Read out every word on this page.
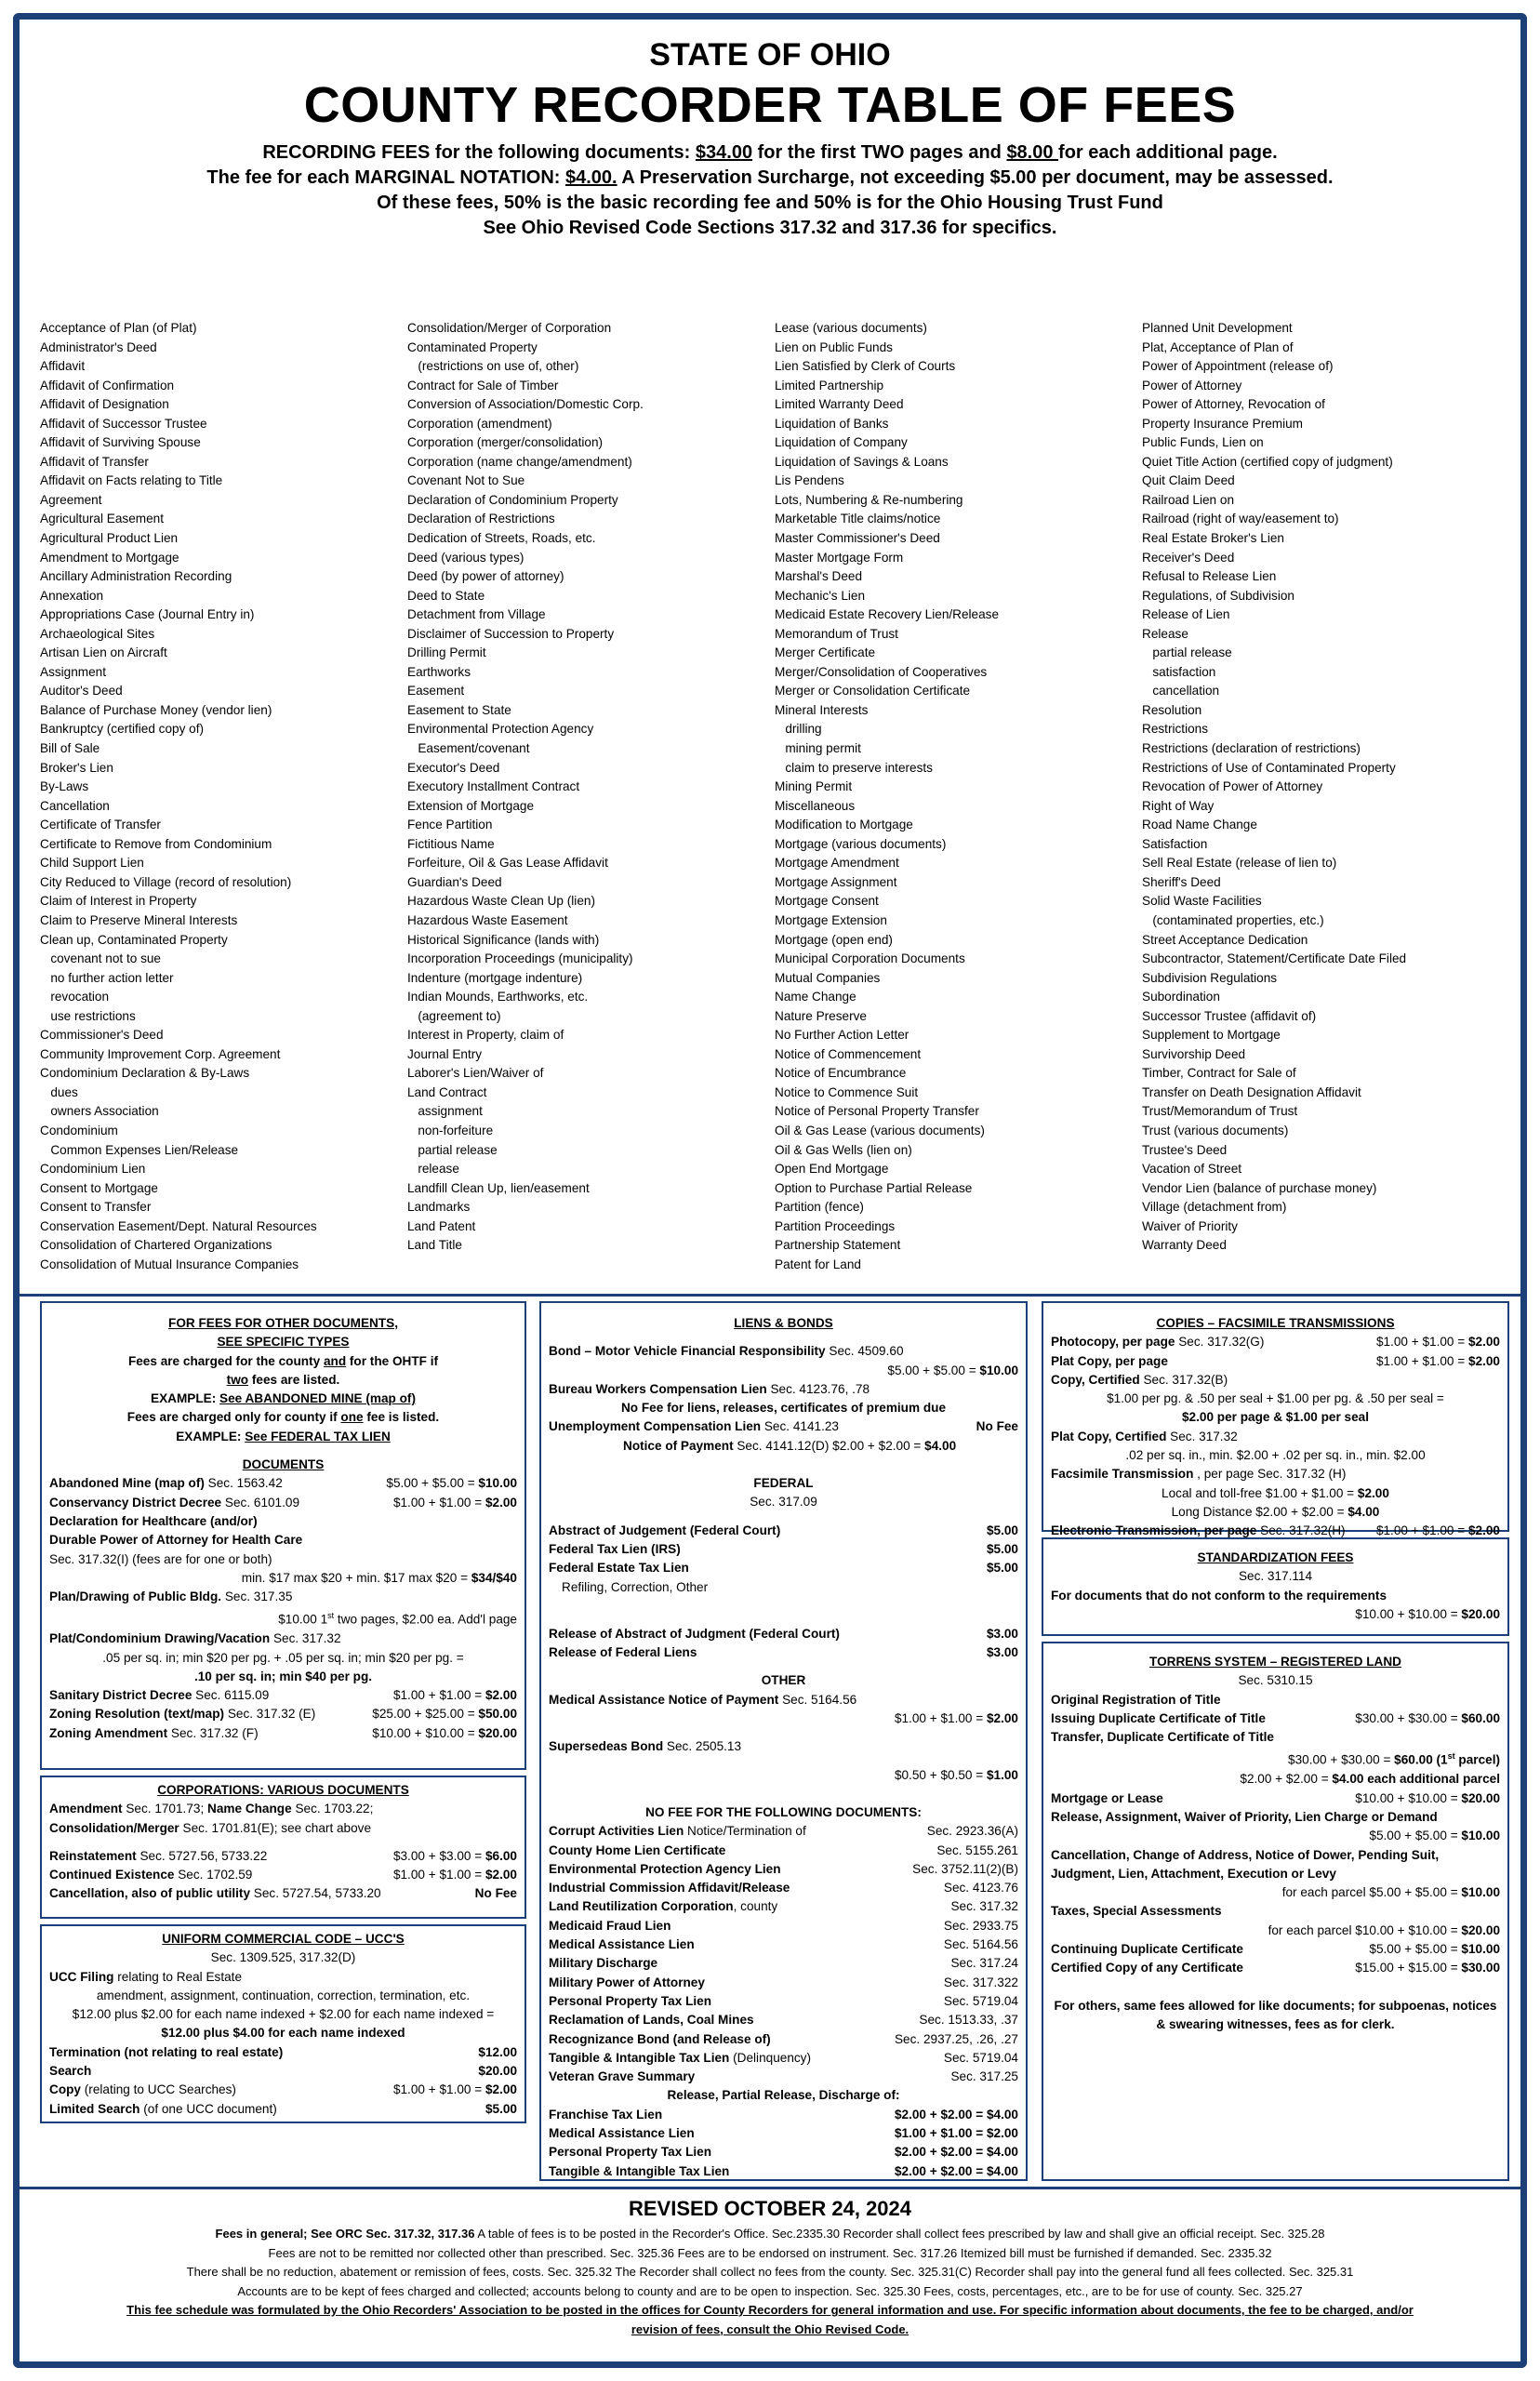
STATE OF OHIO
COUNTY RECORDER TABLE OF FEES
RECORDING FEES for the following documents: $34.00 for the first TWO pages and $8.00 for each additional page.
The fee for each MARGINAL NOTATION: $4.00. A Preservation Surcharge, not exceeding $5.00 per document, may be assessed.
Of these fees, 50% is the basic recording fee and 50% is for the Ohio Housing Trust Fund
See Ohio Revised Code Sections 317.32 and 317.36 for specifics.
Acceptance of Plan (of Plat)
Administrator's Deed
Affidavit
Affidavit of Confirmation
Affidavit of Designation
Affidavit of Successor Trustee
Affidavit of Surviving Spouse
Affidavit of Transfer
Affidavit on Facts relating to Title
Agreement
Agricultural Easement
Agricultural Product Lien
Amendment to Mortgage
Ancillary Administration Recording
Annexation
Appropriations Case (Journal Entry in)
Archaeological Sites
Artisan Lien on Aircraft
Assignment
Auditor's Deed
Balance of Purchase Money (vendor lien)
Bankruptcy (certified copy of)
Bill of Sale
Broker's Lien
By-Laws
Cancellation
Certificate of Transfer
Certificate to Remove from Condominium
Child Support Lien
City Reduced to Village (record of resolution)
Claim of Interest in Property
Claim to Preserve Mineral Interests
Clean up, Contaminated Property
covenant not to sue
no further action letter
revocation
use restrictions
Commissioner's Deed
Community Improvement Corp. Agreement
Condominium Declaration & By-Laws
dues
owners Association
Condominium
Common Expenses Lien/Release
Condominium Lien
Consent to Mortgage
Consent to Transfer
Conservation Easement/Dept. Natural Resources
Consolidation of Chartered Organizations
Consolidation of Mutual Insurance Companies
Consolidation/Merger of Corporation
Contaminated Property
(restrictions on use of, other)
Contract for Sale of Timber
Conversion of Association/Domestic Corp.
Corporation (amendment)
Corporation (merger/consolidation)
Corporation (name change/amendment)
Covenant Not to Sue
Declaration of Condominium Property
Declaration of Restrictions
Dedication of Streets, Roads, etc.
Deed (various types)
Deed (by power of attorney)
Deed to State
Detachment from Village
Disclaimer of Succession to Property
Drilling Permit
Earthworks
Easement
Easement to State
Environmental Protection Agency
Easement/covenant
Executor's Deed
Executory Installment Contract
Extension of Mortgage
Fence Partition
Fictitious Name
Forfeiture, Oil & Gas Lease Affidavit
Guardian's Deed
Hazardous Waste Clean Up (lien)
Hazardous Waste Easement
Historical Significance (lands with)
Incorporation Proceedings (municipality)
Indenture (mortgage indenture)
Indian Mounds, Earthworks, etc.
(agreement to)
Interest in Property, claim of
Journal Entry
Laborer's Lien/Waiver of
Land Contract
assignment
non-forfeiture
partial release
release
Landfill Clean Up, lien/easement
Landmarks
Land Patent
Land Title
Lease (various documents)
Lien on Public Funds
Lien Satisfied by Clerk of Courts
Limited Partnership
Limited Warranty Deed
Liquidation of Banks
Liquidation of Company
Liquidation of Savings & Loans
Lis Pendens
Lots, Numbering & Re-numbering
Marketable Title claims/notice
Master Commissioner's Deed
Master Mortgage Form
Marshal's Deed
Mechanic's Lien
Medicaid Estate Recovery Lien/Release
Memorandum of Trust
Merger Certificate
Merger/Consolidation of Cooperatives
Merger or Consolidation Certificate
Mineral Interests
drilling
mining permit
claim to preserve interests
Mining Permit
Miscellaneous
Modification to Mortgage
Mortgage (various documents)
Mortgage Amendment
Mortgage Assignment
Mortgage Consent
Mortgage Extension
Mortgage (open end)
Municipal Corporation Documents
Mutual Companies
Name Change
Nature Preserve
No Further Action Letter
Notice of Commencement
Notice of Encumbrance
Notice to Commence Suit
Notice of Personal Property Transfer
Oil & Gas Lease (various documents)
Oil & Gas Wells (lien on)
Open End Mortgage
Option to Purchase Partial Release
Partition (fence)
Partition Proceedings
Partnership Statement
Patent for Land
Planned Unit Development
Plat, Acceptance of Plan of
Power of Appointment (release of)
Power of Attorney
Power of Attorney, Revocation of
Property Insurance Premium
Public Funds, Lien on
Quiet Title Action (certified copy of judgment)
Quit Claim Deed
Railroad Lien on
Railroad (right of way/easement to)
Real Estate Broker's Lien
Receiver's Deed
Refusal to Release Lien
Regulations, of Subdivision
Release of Lien
Release
partial release
satisfaction
cancellation
Resolution
Restrictions
Restrictions (declaration of restrictions)
Restrictions of Use of Contaminated Property
Revocation of Power of Attorney
Right of Way
Road Name Change
Satisfaction
Sell Real Estate (release of lien to)
Sheriff's Deed
Solid Waste Facilities
(contaminated properties, etc.)
Street Acceptance Dedication
Subcontractor, Statement/Certificate Date Filed
Subdivision Regulations
Subordination
Successor Trustee (affidavit of)
Supplement to Mortgage
Survivorship Deed
Timber, Contract for Sale of
Transfer on Death Designation Affidavit
Trust/Memorandum of Trust
Trust (various documents)
Trustee's Deed
Vacation of Street
Vendor Lien (balance of purchase money)
Village (detachment from)
Waiver of Priority
Warranty Deed
FOR FEES FOR OTHER DOCUMENTS,
SEE SPECIFIC TYPES
Fees are charged for the county and for the OHTF if
two fees are listed.
EXAMPLE: See ABANDONED MINE (map of)
Fees are charged only for county if one fee is listed.
EXAMPLE: See FEDERAL TAX LIEN
DOCUMENTS
Abandoned Mine (map of) Sec. 1563.42	$5.00 + $5.00 = $10.00
Conservancy District Decree Sec. 6101.09	$1.00 + $1.00 = $2.00
Declaration for Healthcare (and/or)
Durable Power of Attorney for Health Care
Sec. 317.32(I) (fees are for one or both)
min. $17 max $20 + min. $17 max $20 = $34/$40
Plan/Drawing of Public Bldg. Sec. 317.35
$10.00 1st two pages, $2.00 ea. Add'l page
Plat/Condominium Drawing/Vacation Sec. 317.32
.05 per sq. in; min $20 per pg. + .05 per sq. in; min $20 per pg. =
.10 per sq. in; min $40 per pg.
Sanitary District Decree Sec. 6115.09	$1.00 + $1.00 = $2.00
Zoning Resolution (text/map) Sec. 317.32 (E)	$25.00 + $25.00 = $50.00
Zoning Amendment Sec. 317.32 (F)	$10.00 + $10.00 = $20.00
CORPORATIONS: VARIOUS DOCUMENTS
Amendment Sec. 1701.73; Name Change Sec. 1703.22;
Consolidation/Merger Sec. 1701.81(E); see chart above
Reinstatement Sec. 5727.56, 5733.22	$3.00 + $3.00 = $6.00
Continued Existence Sec. 1702.59	$1.00 + $1.00 = $2.00
Cancellation, also of public utility Sec. 5727.54, 5733.20	No Fee
UNIFORM COMMERCIAL CODE – UCC'S
Sec. 1309.525, 317.32(D)
UCC Filing relating to Real Estate
amendment, assignment, continuation, correction, termination, etc.
$12.00 plus $2.00 for each name indexed + $2.00 for each name indexed =
$12.00 plus $4.00 for each name indexed
Termination (not relating to real estate)	$12.00
Search	$20.00
Copy (relating to UCC Searches)	$1.00 + $1.00 = $2.00
Limited Search (of one UCC document)	$5.00
LIENS & BONDS
Bond – Motor Vehicle Financial Responsibility Sec. 4509.60
$5.00 + $5.00 = $10.00
Bureau Workers Compensation Lien Sec. 4123.76, .78
No Fee for liens, releases, certificates of premium due
Unemployment Compensation Lien Sec. 4141.23	No Fee
Notice of Payment Sec. 4141.12(D) $2.00 + $2.00 = $4.00
FEDERAL
Sec. 317.09
Abstract of Judgement (Federal Court)	$5.00
Federal Tax Lien (IRS)	$5.00
Federal Estate Tax Lien	$5.00
Refiling, Correction, Other
Release of Abstract of Judgment (Federal Court)	$3.00
Release of Federal Liens	$3.00
OTHER
Medical Assistance Notice of Payment Sec. 5164.56
$1.00 + $1.00 = $2.00
Supersedeas Bond Sec. 2505.13
$0.50 + $0.50 = $1.00
NO FEE FOR THE FOLLOWING DOCUMENTS:
Corrupt Activities Lien Notice/Termination of	Sec. 2923.36(A)
County Home Lien Certificate	Sec. 5155.261
Environmental Protection Agency Lien	Sec. 3752.11(2)(B)
Industrial Commission Affidavit/Release	Sec. 4123.76
Land Reutilization Corporation, county	Sec. 317.32
Medicaid Fraud Lien	Sec. 2933.75
Medical Assistance Lien	Sec. 5164.56
Military Discharge	Sec. 317.24
Military Power of Attorney	Sec. 317.322
Personal Property Tax Lien	Sec. 5719.04
Reclamation of Lands, Coal Mines	Sec. 1513.33, .37
Recognizance Bond (and Release of)	Sec. 2937.25, .26, .27
Tangible & Intangible Tax Lien (Delinquency)	Sec. 5719.04
Veteran Grave Summary	Sec. 317.25
Release, Partial Release, Discharge of:
Franchise Tax Lien	$2.00 + $2.00 = $4.00
Medical Assistance Lien	$1.00 + $1.00 = $2.00
Personal Property Tax Lien	$2.00 + $2.00 = $4.00
Tangible & Intangible Tax Lien	$2.00 + $2.00 = $4.00
COPIES – FACSIMILE TRANSMISSIONS
Photocopy, per page Sec. 317.32(G)	$1.00 + $1.00 = $2.00
Plat Copy, per page	$1.00 + $1.00 = $2.00
Copy, Certified Sec. 317.32(B)
$1.00 per pg. & .50 per seal + $1.00 per pg. & .50 per seal =
$2.00 per page & $1.00 per seal
Plat Copy, Certified Sec. 317.32
.02 per sq. in., min. $2.00 + .02 per sq. in., min. $2.00
Facsimile Transmission , per page Sec. 317.32 (H)
Local and toll-free $1.00 + $1.00 = $2.00
Long Distance $2.00 + $2.00 = $4.00
Electronic Transmission, per page Sec. 317.32(H)	$1.00 + $1.00 = $2.00
STANDARDIZATION FEES
Sec. 317.114
For documents that do not conform to the requirements
$10.00 + $10.00 = $20.00
TORRENS SYSTEM – REGISTERED LAND
Sec. 5310.15
Original Registration of Title
Issuing Duplicate Certificate of Title	$30.00 + $30.00 = $60.00
Transfer, Duplicate Certificate of Title
$30.00 + $30.00 = $60.00 (1st parcel)
$2.00 + $2.00 = $4.00 each additional parcel
Mortgage or Lease	$10.00 + $10.00 = $20.00
Release, Assignment, Waiver of Priority, Lien Charge or Demand
$5.00 + $5.00 = $10.00
Cancellation, Change of Address, Notice of Dower, Pending Suit,
Judgment, Lien, Attachment, Execution or Levy
for each parcel $5.00 + $5.00 = $10.00
Taxes, Special Assessments
for each parcel $10.00 + $10.00 = $20.00
Continuing Duplicate Certificate	$5.00 + $5.00 = $10.00
Certified Copy of any Certificate	$15.00 + $15.00 = $30.00
For others, same fees allowed for like documents; for subpoenas, notices & swearing witnesses, fees as for clerk.
REVISED OCTOBER 24, 2024
Fees in general; See ORC Sec. 317.32, 317.36 A table of fees is to be posted in the Recorder's Office. Sec.2335.30 Recorder shall collect fees prescribed by law and shall give an official receipt. Sec. 325.28
Fees are not to be remitted nor collected other than prescribed. Sec. 325.36 Fees are to be endorsed on instrument. Sec. 317.26 Itemized bill must be furnished if demanded. Sec. 2335.32
There shall be no reduction, abatement or remission of fees, costs. Sec. 325.32 The Recorder shall collect no fees from the county. Sec. 325.31(C) Recorder shall pay into the general fund all fees collected. Sec. 325.31
Accounts are to be kept of fees charged and collected; accounts belong to county and are to be open to inspection. Sec. 325.30 Fees, costs, percentages, etc., are to be for use of county. Sec. 325.27
This fee schedule was formulated by the Ohio Recorders' Association to be posted in the offices for County Recorders for general information and use. For specific information about documents, the fee to be charged, and/or
revision of fees, consult the Ohio Revised Code.
